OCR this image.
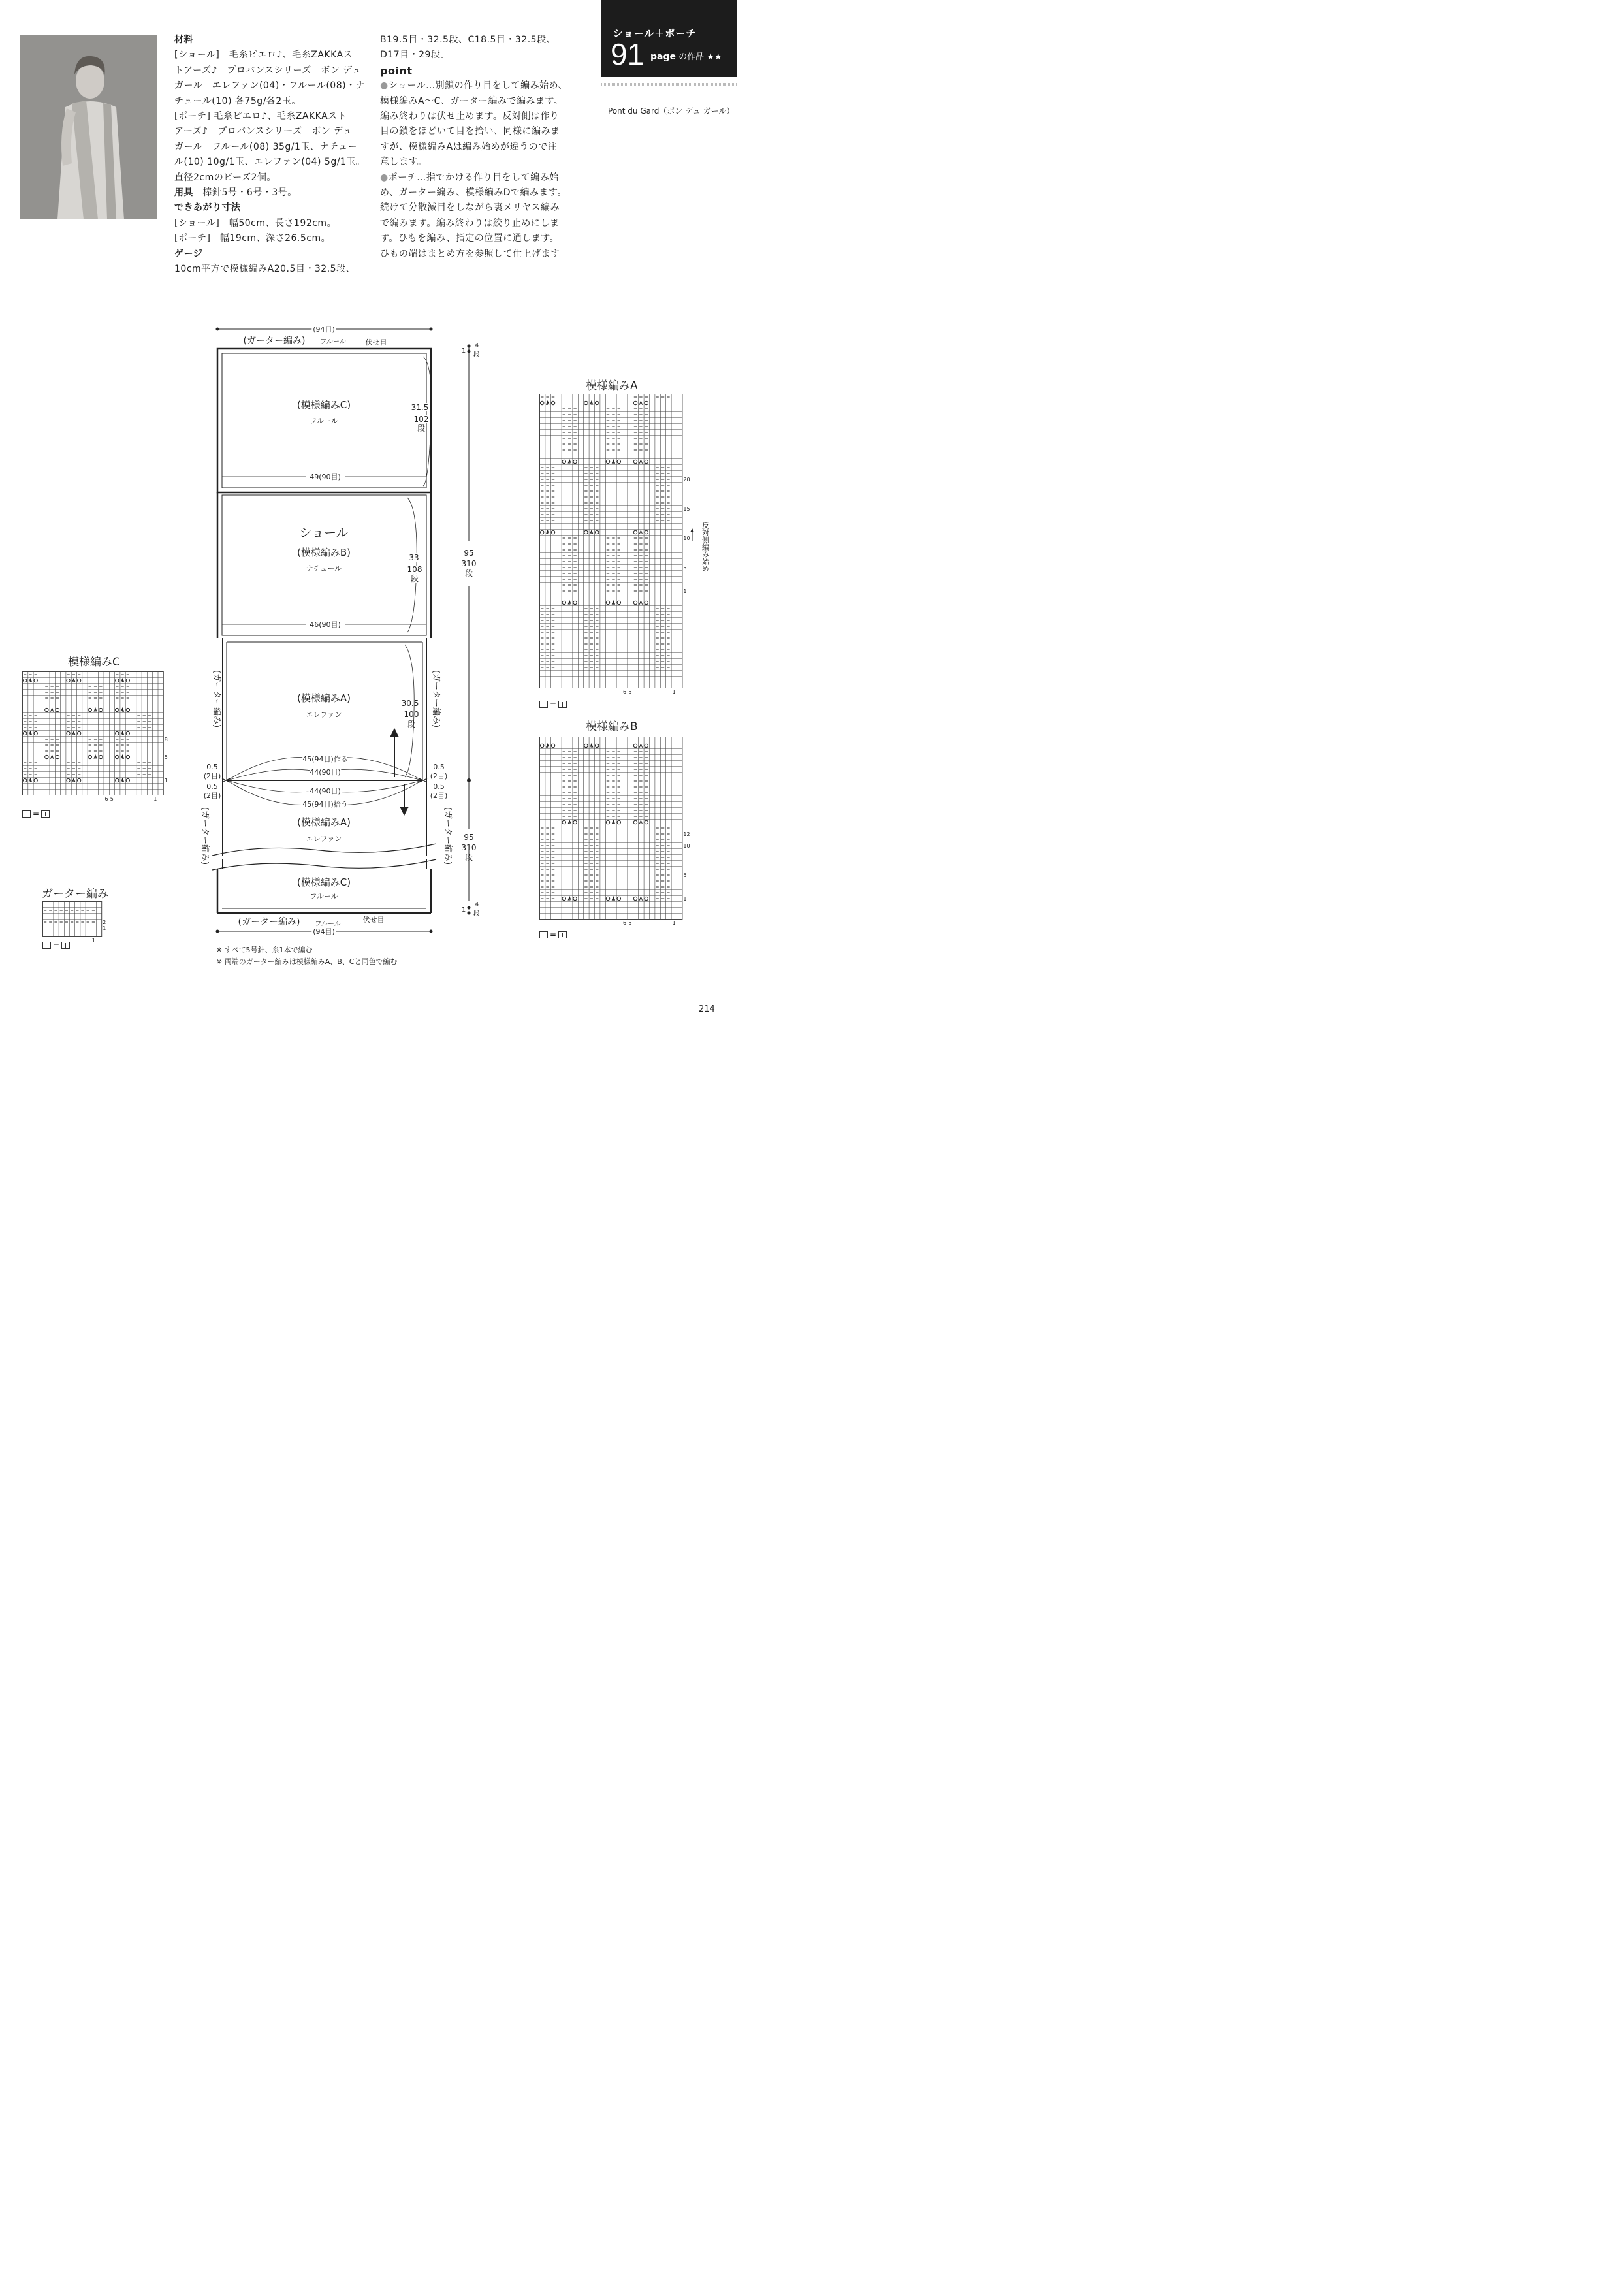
材料
[ショール]　毛糸ピエロ♪、毛糸ZAKKAス
トアーズ♪　プロバンスシリーズ　ボン デュ
ガール　エレファン(04)・フルール(08)・ナ
チュール(10) 各75g/各2玉。
[ポーチ] 毛糸ピエロ♪、毛糸ZAKKAスト
アーズ♪　プロバンスシリーズ　ボン デュ
ガール　フルール(08) 35g/1玉、ナチュー
ル(10) 10g/1玉、エレファン(04) 5g/1玉。
直径2cmのビーズ2個。
用具　 棒針5号・6号・3号。
できあがり寸法
[ショール]　幅50cm、長さ192cm。
[ポーチ]　幅19cm、深さ26.5cm。
ゲージ
10cm平方で模様編みA20.5目・32.5段、
B19.5目・32.5段、C18.5目・32.5段、
D17目・29段。
point
●ショール…別鎖の作り目をして編み始め、
模様編みA～C、ガーター編みで編みます。
編み終わりは伏せ止めます。反対側は作り
目の鎖をほどいて目を拾い、同様に編みま
すが、模様編みAは編み始めが違うので注
意します。
●ポーチ…指でかける作り目をして編み始
め、ガーター編み、模様編みDで編みます。
続けて分散減目をしながら裏メリヤス編み
で編みます。編み終わりは絞り止めにしま
す。ひもを編み、指定の位置に通します。
ひもの端はまとめ方を参照して仕上げます。
ショール＋ポーチ
91 page の作品 ★★
Pont du Gard（ポン デュ ガール）
(94目)
(ガーター編み) フルール	伏せ目
1
4
段
(模様編みC)
フルール
31.5
102
段
49(90目)
ショール
(模様編みB)
ナチュール
33
108
段
46(90目)
95
310
段
(模様編みA)
エレファン
30.5
100
段
45(94目)作る
44(90目)
44(90目)
45(94目)拾う
0.5
(2目)
0.5
(2目)
0.5
(2目)
0.5
(2目)
(模様編みA)
エレファン	95
310
段
(模様編みC)
フルール
(ガーター編み) フルール
伏せ目
1
4
段
(94目)
(ガーター編み)	(ガーター編み)
(ガーター編み)	(ガーター編み)
※ すべて5号針、糸1本で編む
※ 両端のガーター編みは模様編みA、B、Cと同色で編む
模様編みA
20
15
10
5
1
6 5	1
=
反対側編み始め
模様編みB
12
10
5
1
6 5	1
=
模様編みC
8
5
1
6 5	1
=
ガーター編み
2
1
1
=
214
